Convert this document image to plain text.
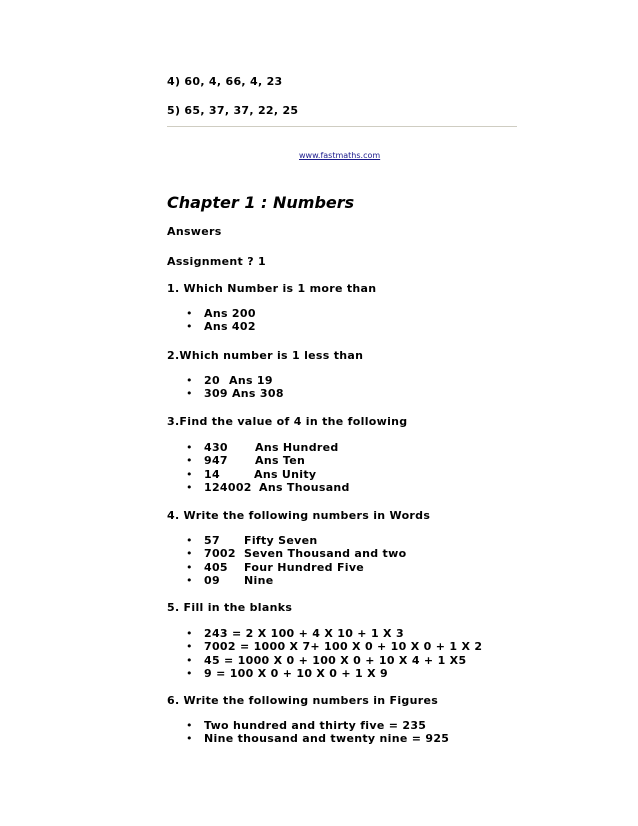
4) 60, 4, 66, 4, 23
5) 65, 37, 37, 22, 25
www.fastmaths.com
Chapter 1 : Numbers
Answers
Assignment ? 1
1. Which Number is 1 more than
• Ans 200
• Ans 402
2.Which number is 1 less than
• 20 Ans 19
• 309 Ans 308
3.Find the value of 4 in the following
• 430 Ans Hundred
• 947 Ans Ten
• 14	Ans Unity
• 124002 Ans Thousand
4. Write the following numbers in Words
• 57 Fifty Seven
• 7002 Seven Thousand and two
• 405 Four Hundred Five
• 09 Nine
5. Fill in the blanks
• 243 = 2 X 100 + 4 X 10 + 1 X 3
• 7002 = 1000 X 7+ 100 X 0 + 10 X 0 + 1 X 2
• 45 = 1000 X 0 + 100 X 0 + 10 X 4 + 1 X5
• 9 = 100 X 0 + 10 X 0 + 1 X 9
6. Write the following numbers in Figures
• Two hundred and thirty five = 235
• Nine thousand and twenty nine = 925
